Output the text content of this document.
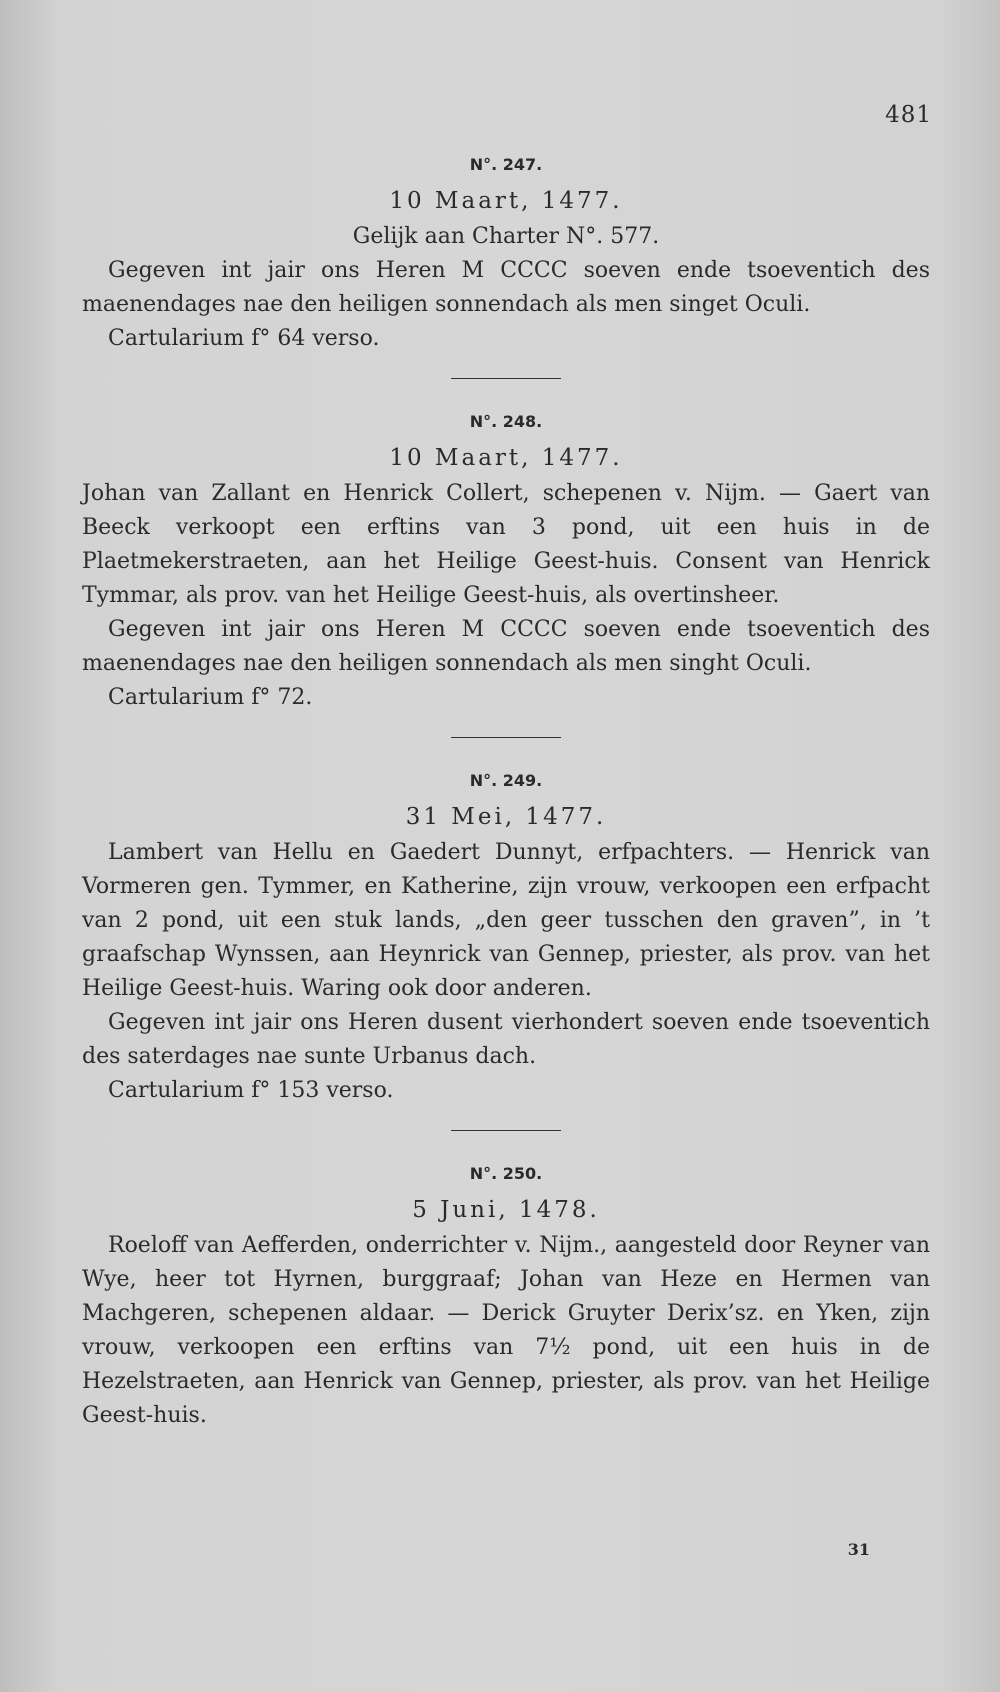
481
N°. 247.
10 Maart, 1477.

Gelijk aan Charter N°. 577.

Gegeven int jair ons Heren M CCCC soeven ende tsoeventich des maenendages nae den heiligen sonnendach als men singet Oculi.

Cartularium f° 64 verso.

N°. 248.
10 Maart, 1477.

Johan van Zallant en Henrick Collert, schepenen v. Nijm. — Gaert van Beeck verkoopt een erftins van 3 pond, uit een huis in de Plaetmekerstraeten, aan het Heilige Geest-huis. Consent van Henrick Tymmar, als prov. van het Heilige Geest-huis, als overtinsheer.

Gegeven int jair ons Heren M CCCC soeven ende tsoeventich des maenendages nae den heiligen sonnendach als men singht Oculi.

Cartularium f° 72.

N°. 249.
31 Mei, 1477.

Lambert van Hellu en Gaedert Dunnyt, erfpachters. — Henrick van Vormeren gen. Tymmer, en Katherine, zijn vrouw, verkoopen een erfpacht van 2 pond, uit een stuk lands, „den geer tusschen den graven”, in ’t graafschap Wynssen, aan Heynrick van Gennep, priester, als prov. van het Heilige Geest-huis. Waring ook door anderen.

Gegeven int jair ons Heren dusent vierhondert soeven ende tsoeventich des saterdages nae sunte Urbanus dach.

Cartularium f° 153 verso.

N°. 250.
5 Juni, 1478.

Roeloff van Aefferden, onderrichter v. Nijm., aangesteld door Reyner van Wye, heer tot Hyrnen, burggraaf; Johan van Heze en Hermen van Machgeren, schepenen aldaar. — Derick Gruyter Derix’sz. en Yken, zijn vrouw, verkoopen een erftins van 7½ pond, uit een huis in de Hezelstraeten, aan Henrick van Gennep, priester, als prov. van het Heilige Geest-huis.

31
